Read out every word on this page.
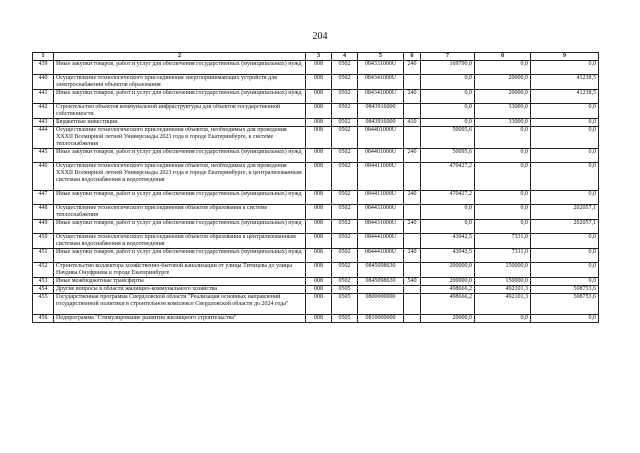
204
1	2	3	4	5	6	7	8	9
439	Иные закупки товаров, работ и услуг для обеспечения государственных (муниципальных) нужд	008	0502	084331000U	240	169790,0	0,0	0,0
440	Осуществление технологического присоединения энергопринимающих устройств для электроснабжения объектов образования	008	0502	084341000U		0,0	20000,0	41238,5
441	Иные закупки товаров, работ и услуг для обеспечения государственных (муниципальных) нужд	008	0502	084341000U	240	0,0	20000,0	41238,5
442	Строительство объектов коммунальной инфраструктуры для объектов государственной собственности	008	0502	0843916000		0,0	33000,0	0,0
443	Бюджетные инвестиции	008	0502	0843916000	410	0,0	33000,0	0,0
444	Осуществление технологического присоединения объектов, необходимых для проведения XXXII Всемирной летней Универсиады 2023 года в городе Екатеринбурге, к системе теплоснабжения	008	0502	084401000U		50095,6	0,0	0,0
445	Иные закупки товаров, работ и услуг для обеспечения государственных (муниципальных) нужд	008	0502	084401000U	240	50095,6	0,0	0,0
446	Осуществление технологического присоединения объектов, необходимых для проведения XXXII Всемирной летней Универсиады 2023 года в городе Екатеринбурге, к централизованным системам водоснабжения и водоотведения	008	0502	084411000U		470427,2	0,0	0,0
447	Иные закупки товаров, работ и услуг для обеспечения государственных (муниципальных) нужд	008	0502	084411000U	240	470427,2	0,0	0,0
448	Осуществление технологического присоединения объектов образования к системе теплоснабжения	008	0502	084431000U		0,0	0,0	202057,1
449	Иные закупки товаров, работ и услуг для обеспечения государственных (муниципальных) нужд	008	0502	084431000U	240	0,0	0,0	202057,1
450	Осуществление технологического присоединения объектов образования к централизованным системам водоснабжения и водоотведения	008	0502	084441000U		43042,5	7331,0	0,0
451	Иные закупки товаров, работ и услуг для обеспечения государственных (муниципальных) нужд	008	0502	084441000U	240	43042,5	7331,0	0,0
452	Строительство коллектора хозяйственно-бытовой канализации от улицы Титицева до улицы Начдива Онуфриева в городе Екатеринбурге	008	0502	0845098630		200000,0	150000,0	0,0
453	Иные межбюджетные трансферты	008	0502	0845098630	540	200000,0	150000,0	0,0
454	Другие вопросы в области жилищно-коммунального хозяйства	008	0505			498666,2	492101,3	508753,6
455	Государственная программа Свердловской области "Реализация основных направлений государственной политики в строительном комплексе Свердловской области до 2024 года"	008	0505	0800000000		498666,2	492101,3	508753,6
456	Подпрограмма "Стимулирование развития жилищного строительства"	008	0505	0810000000		20000,0	0,0	0,0
